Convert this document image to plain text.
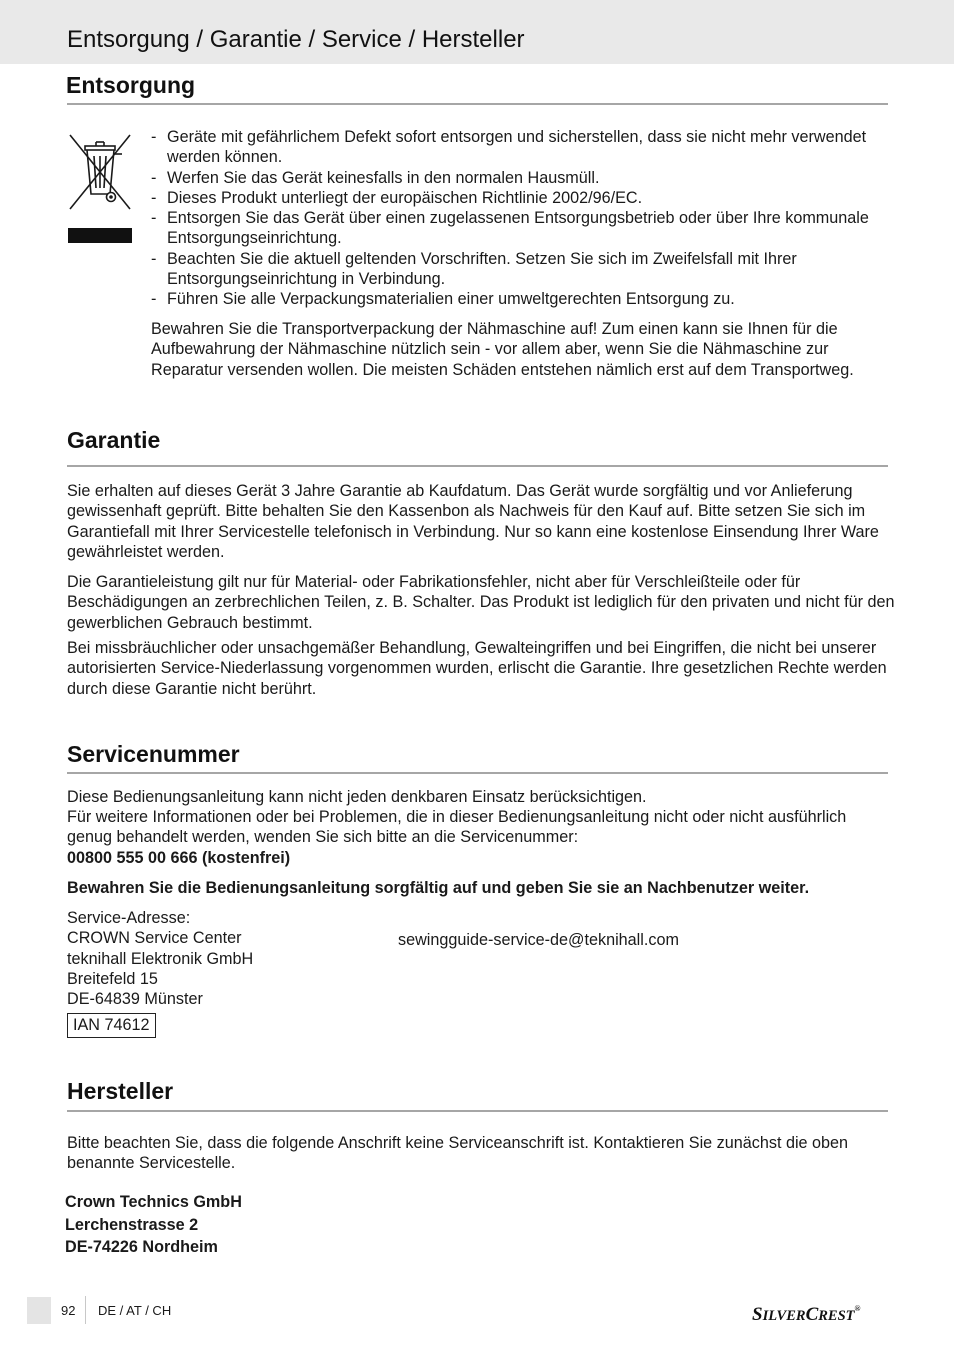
Entsorgung / Garantie / Service / Hersteller
Entsorgung
- Geräte mit gefährlichem Defekt sofort entsorgen und sicherstellen, dass sie nicht mehr verwendet werden können.
- Werfen Sie das Gerät keinesfalls in den normalen Hausmüll.
- Dieses Produkt unterliegt der europäischen Richtlinie 2002/96/EC.
- Entsorgen Sie das Gerät über einen zugelassenen Entsorgungsbetrieb oder über Ihre kommunale Entsorgungseinrichtung.
- Beachten Sie die aktuell geltenden Vorschriften. Setzen Sie sich im Zweifelsfall mit Ihrer Entsorgungseinrichtung in Verbindung.
- Führen Sie alle Verpackungsmaterialien einer umweltgerechten Entsorgung zu.
Bewahren Sie die Transportverpackung der Nähmaschine auf! Zum einen kann sie Ihnen für die Aufbewahrung der Nähmaschine nützlich sein - vor allem aber, wenn Sie die Nähmaschine zur Reparatur versenden wollen. Die meisten Schäden entstehen nämlich erst auf dem Transportweg.
Garantie
Sie erhalten auf dieses Gerät 3 Jahre Garantie ab Kaufdatum. Das Gerät wurde sorgfältig und vor Anlieferung gewissenhaft geprüft. Bitte behalten Sie den Kassenbon als Nachweis für den Kauf auf. Bitte setzen Sie sich im Garantiefall mit Ihrer Servicestelle telefonisch in Verbindung. Nur so kann eine kostenlose Einsendung Ihrer Ware gewährleistet werden.
Die Garantieleistung gilt nur für Material- oder Fabrikationsfehler, nicht aber für Verschleißteile oder für Beschädigungen an zerbrechlichen Teilen, z. B. Schalter. Das Produkt ist lediglich für den privaten und nicht für den gewerblichen Gebrauch bestimmt.
Bei missbräuchlicher oder unsachgemäßer Behandlung, Gewalteingriffen und bei Eingriffen, die nicht bei unserer autorisierten Service-Niederlassung vorgenommen wurden, erlischt die Garantie. Ihre gesetzlichen Rechte werden durch diese Garantie nicht berührt.
Servicenummer
Diese Bedienungsanleitung kann nicht jeden denkbaren Einsatz berücksichtigen.
Für weitere Informationen oder bei Problemen, die in dieser Bedienungsanleitung nicht oder nicht ausführlich genug behandelt werden, wenden Sie sich bitte an die Servicenummer:
00800 555 00 666 (kostenfrei)
Bewahren Sie die Bedienungsanleitung sorgfältig auf und geben Sie sie an Nachbenutzer weiter.
Service-Adresse:
CROWN Service Center
teknihall Elektronik GmbH
Breitefeld 15
DE-64839 Münster
sewingguide-service-de@teknihall.com
IAN 74612
Hersteller
Bitte beachten Sie, dass die folgende Anschrift keine Serviceanschrift ist. Kontaktieren Sie zunächst die oben benannte Servicestelle.
Crown Technics GmbH
Lerchenstrasse 2
DE-74226 Nordheim
92 DE / AT / CH	SILVERCREST®
